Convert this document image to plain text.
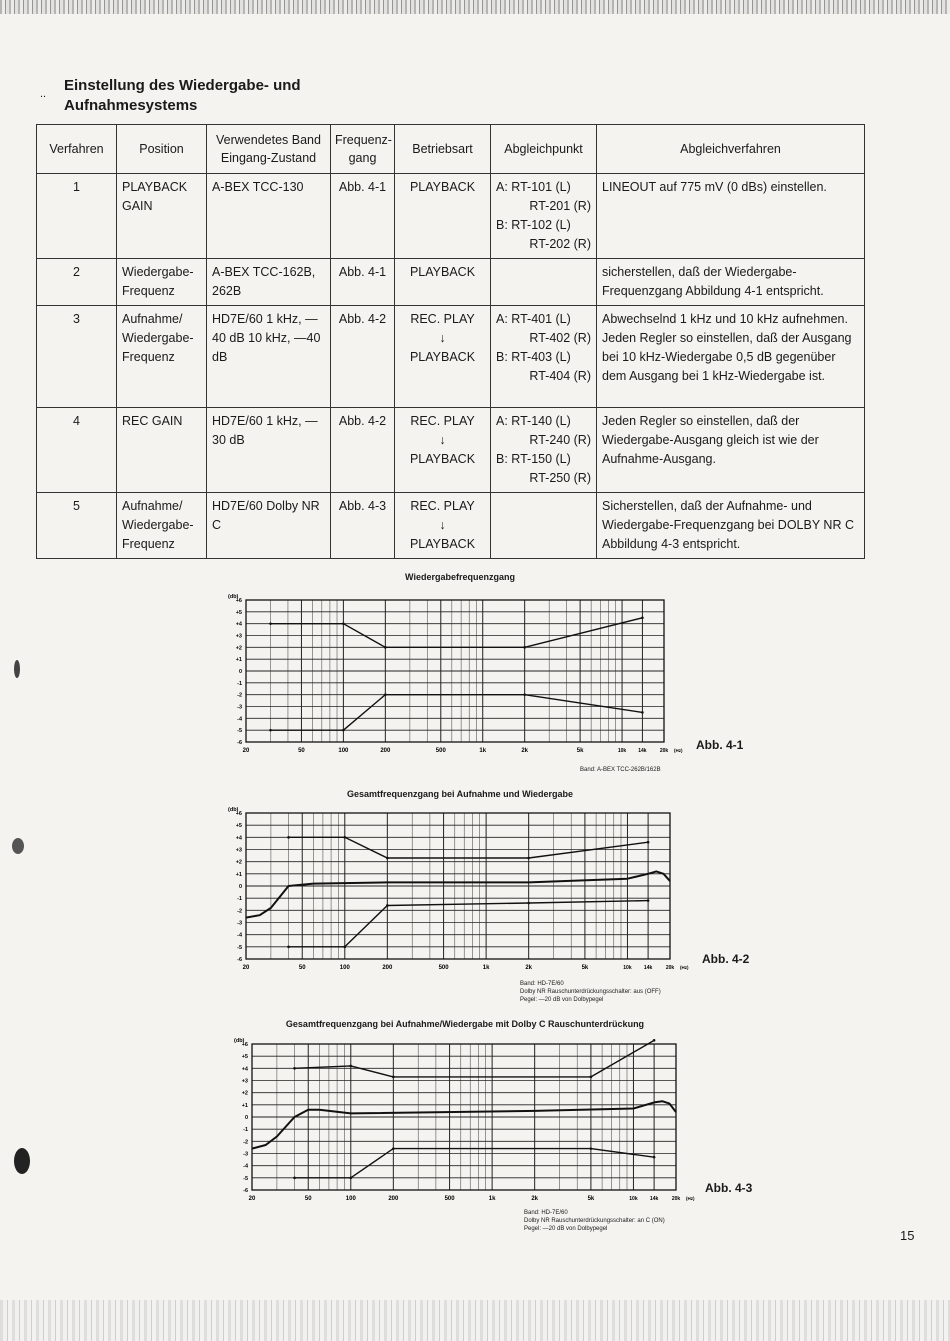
.. Einstellung des Wiedergabe- und Aufnahmesystems
Verfahren	Position	Verwendetes Band Eingang-Zustand	Frequenz-gang	Betriebsart	Abgleichpunkt	Abgleichverfahren
1	PLAYBACK GAIN	A-BEX TCC-130	Abb. 4-1	PLAYBACK	A: RT-101 (L)
RT-201 (R)
B: RT-102 (L)
RT-202 (R)	LINEOUT auf 775 mV (0 dBs) einstellen.
2	Wiedergabe-Frequenz	A-BEX TCC-162B, 262B	Abb. 4-1	PLAYBACK		sicherstellen, daß der Wiedergabe-Frequenzgang Abbildung 4-1 entspricht.
3	Aufnahme/ Wiedergabe-Frequenz	HD7E/60 1 kHz, —40 dB 10 kHz, —40 dB	Abb. 4-2	REC. PLAY
↓
PLAYBACK	A: RT-401 (L)
RT-402 (R)
B: RT-403 (L)
RT-404 (R)	Abwechselnd 1 kHz und 10 kHz aufnehmen. Jeden Regler so einstellen, daß der Ausgang bei 10 kHz-Wiedergabe 0,5 dB gegenüber dem Ausgang bei 1 kHz-Wiedergabe ist.
4	REC GAIN	HD7E/60 1 kHz, —30 dB	Abb. 4-2	REC. PLAY
↓
PLAYBACK	A: RT-140 (L)
RT-240 (R)
B: RT-150 (L)
RT-250 (R)	Jeden Regler so einstellen, daß der Wiedergabe-Ausgang gleich ist wie der Aufnahme-Ausgang.
5	Aufnahme/ Wiedergabe-Frequenz	HD7E/60 Dolby NR C	Abb. 4-3	REC. PLAY
↓
PLAYBACK		Sicherstellen, daß der Aufnahme- und Wiedergabe-Frequenzgang bei DOLBY NR C Abbildung 4-3 entspricht.
Wiedergabefrequenzgang
+6
+5
+4
+3
+2
+1
0
-1
-2
-3
-4
-5
-6
(db)
20	50	100	200	500	1k	2k	5k	10k 14k	20k (Hz) Abb. 4-1
Band: A-BEX TCC-262B/162B
Gesamtfrequenzgang bei Aufnahme und Wiedergabe
+6
+5
+4
+3
+2
+1
0
-1
-2
-3
-4
-5
-6
(db)
20	50	100	200	500	1k	2k	5k	10k 14k	20k (Hz)
Abb. 4-2
Band: HD-7E/60
Dolby NR Rauschunterdrückungsschalter: aus (OFF)
Pegel: —20 dB von Dolbypegel
Gesamtfrequenzgang bei Aufnahme/Wiedergabe mit Dolby C Rauschunterdrückung
+6
+5
+4
+3
+2
+1
0
-1
-2
-3
-4
-5
-6
(db)
20	50	100	200	500	1k	2k	5k	10k 14k	20k (Hz)
Abb. 4-3
Band: HD-7E/60
Dolby NR Rauschunterdrückungsschalter: an C (ON)
Pegel: —20 dB von Dolbypegel	15
